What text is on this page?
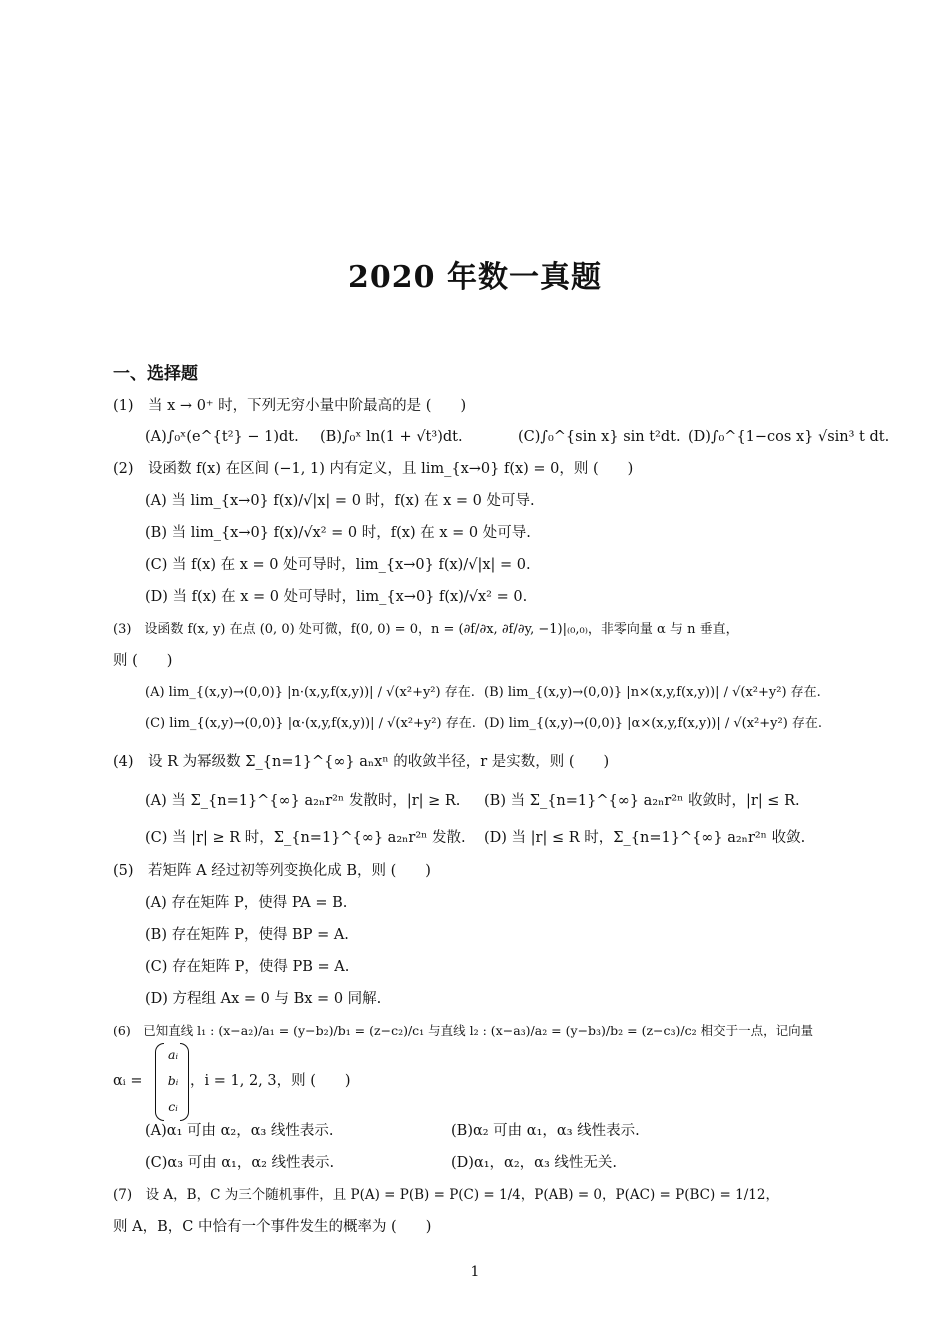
2020 年数一真题
一、选择题
(1)　当 x → 0⁺ 时，下列无穷小量中阶最高的是 (　　)
(A)∫₀ˣ(e^{t²} − 1)dt. (B)∫₀ˣ ln(1 + √t³)dt.	(C)∫₀^{sin x} sin t²dt. (D)∫₀^{1−cos x} √sin³ t dt.
(2)　设函数 f(x) 在区间 (−1, 1) 内有定义，且 lim_{x→0} f(x) = 0，则 (　　)
(A) 当 lim_{x→0} f(x)/√|x| = 0 时，f(x) 在 x = 0 处可导.
(B) 当 lim_{x→0} f(x)/√x² = 0 时，f(x) 在 x = 0 处可导.
(C) 当 f(x) 在 x = 0 处可导时，lim_{x→0} f(x)/√|x| = 0.
(D) 当 f(x) 在 x = 0 处可导时，lim_{x→0} f(x)/√x² = 0.
(3)　设函数 f(x, y) 在点 (0, 0) 处可微，f(0, 0) = 0，n = (∂f/∂x, ∂f/∂y, −1)|₍₀,₀₎，非零向量 α 与 n 垂直，
则 (　　)
(A) lim_{(x,y)→(0,0)} |n·(x,y,f(x,y))| / √(x²+y²) 存在. (B) lim_{(x,y)→(0,0)} |n×(x,y,f(x,y))| / √(x²+y²) 存在.
(C) lim_{(x,y)→(0,0)} |α·(x,y,f(x,y))| / √(x²+y²) 存在. (D) lim_{(x,y)→(0,0)} |α×(x,y,f(x,y))| / √(x²+y²) 存在.
(4)　设 R 为幂级数 Σ_{n=1}^{∞} aₙxⁿ 的收敛半径，r 是实数，则 (　　)
(A) 当 Σ_{n=1}^{∞} a₂ₙr²ⁿ 发散时，|r| ≥ R. (B) 当 Σ_{n=1}^{∞} a₂ₙr²ⁿ 收敛时，|r| ≤ R.
(C) 当 |r| ≥ R 时，Σ_{n=1}^{∞} a₂ₙr²ⁿ 发散. (D) 当 |r| ≤ R 时，Σ_{n=1}^{∞} a₂ₙr²ⁿ 收敛.
(5)　若矩阵 A 经过初等列变换化成 B，则 (　　)
(A) 存在矩阵 P，使得 PA = B.
(B) 存在矩阵 P，使得 BP = A.
(C) 存在矩阵 P，使得 PB = A.
(D) 方程组 Ax = 0 与 Bx = 0 同解.
(6)　已知直线 l₁ : (x−a₂)/a₁ = (y−b₂)/b₁ = (z−c₂)/c₁ 与直线 l₂ : (x−a₃)/a₂ = (y−b₃)/b₂ = (z−c₃)/c₂ 相交于一点，记向量
αᵢ =
aᵢ
bᵢ
cᵢ
，i = 1, 2, 3，则 (　　)
(A)α₁ 可由 α₂，α₃ 线性表示.	(B)α₂ 可由 α₁，α₃ 线性表示.
(C)α₃ 可由 α₁，α₂ 线性表示.	(D)α₁，α₂，α₃ 线性无关.
(7)　设 A，B，C 为三个随机事件，且 P(A) = P(B) = P(C) = 1/4，P(AB) = 0，P(AC) = P(BC) = 1/12，
则 A，B，C 中恰有一个事件发生的概率为 (　　)
1
